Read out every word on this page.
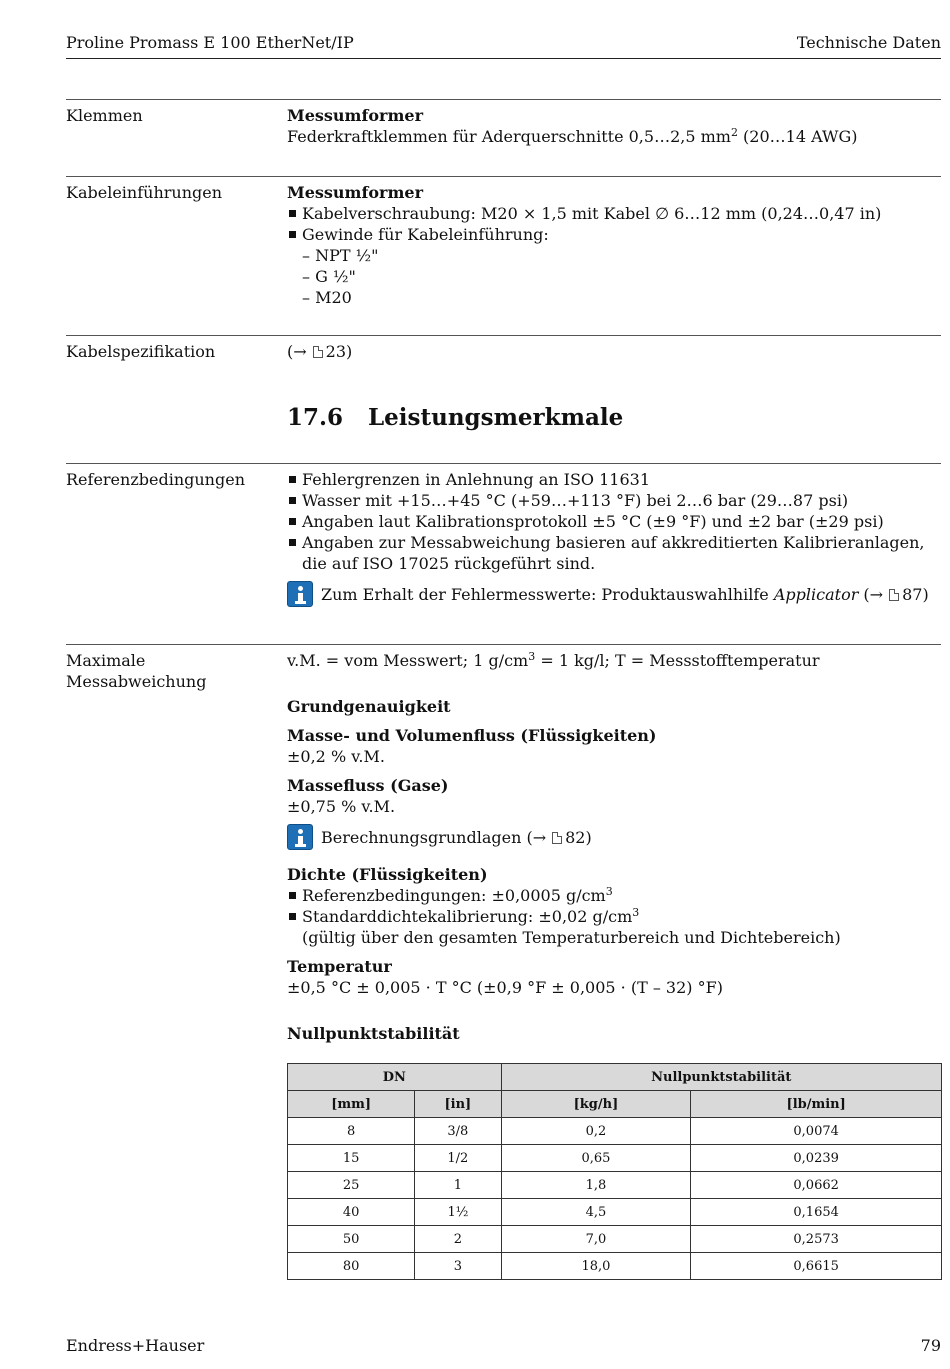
Proline Promass E 100 EtherNet/IP	Technische Daten
Klemmen	Messumformer
Federkraftklemmen für Aderquerschnitte 0,5…2,5 $mm^2$ (20…14 AWG)
Kabeleinführungen	Messumformer
Kabelverschraubung: M20 × 1,5 mit Kabel ∅ 6…12 mm (0,24…0,47 in)
Gewinde für Kabeleinführung:
– NPT ½"
– G ½"
– M20
Kabelspezifikation	(→ 23)
17.6 Leistungsmerkmale
Referenzbedingungen	Fehlergrenzen in Anlehnung an ISO 11631
Wasser mit +15…+45 °C (+59…+113 °F) bei 2…6 bar (29…87 psi)
Angaben laut Kalibrationsprotokoll ±5 °C (±9 °F) und ±2 bar (±29 psi)
Angaben zur Messabweichung basieren auf akkreditierten Kalibrieranlagen, die auf ISO 17025 rückgeführt sind.
Zum Erhalt der Fehlermesswerte: Produktauswahlhilfe Applicator (→ 87)
Maximale Messabweichung
v.M. = vom Messwert; 1 $g/cm^3 = 1$ kg/l; T = Messstofftemperatur
Grundgenauigkeit
Masse- und Volumenfluss (Flüssigkeiten)
±0,2 % v.M.
Massefluss (Gase)
±0,75 % v.M.
Berechnungsgrundlagen (→ 82)
Dichte (Flüssigkeiten)
Referenzbedingungen: ±0,0005 $g/cm^3$
Standarddichtekalibrierung: ±0,02 $g/cm^3$
(gültig über den gesamten Temperaturbereich und Dichtebereich)
Temperatur
±0,5 °C ± 0,005 · T °C (±0,9 °F ± 0,005 · (T – 32) °F)
Nullpunktstabilität
DN		Nullpunktstabilität	
[mm]	[in]	[kg/h]	[lb/min]
8	3/8	0,2	0,0074
15	1/2	0,65	0,0239
25	1	1,8	0,0662
40	1½	4,5	0,1654
50	2	7,0	0,2573
80	3	18,0	0,6615
Endress+Hauser	79
